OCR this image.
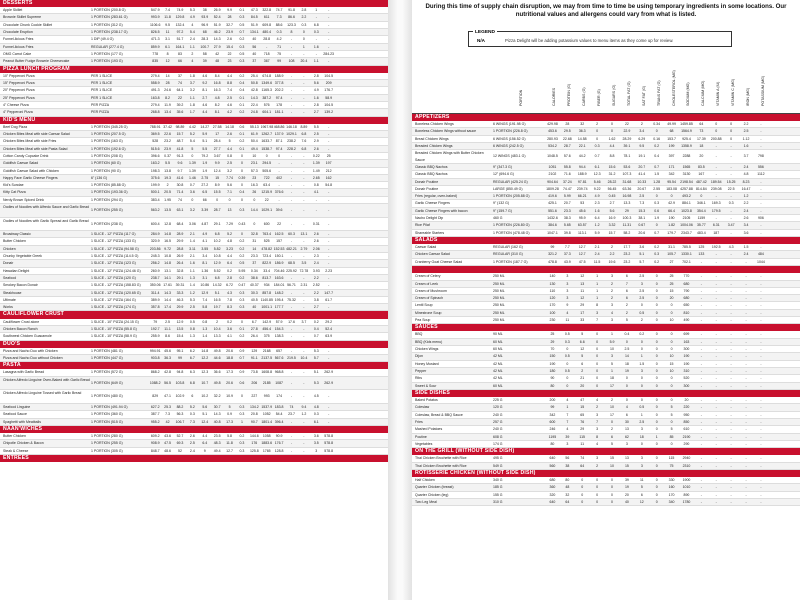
DESSERTS
Apple Skillet	1 PORTION (200.8 G)	547.9	7.4	74.9	5.3	38	26.9	9.9	0.1	47.3	322.8	74.7	91.8	2.8	1	-
Brownie Skillet Supreme	1 PORTION (283.61 G)	993.9	11.8	129.8	4.9	93.9	52.4	28	0.3	84.5	611	7.3	86.6	2.2	-	-
Chocolate Chunk Cookie Skillet	1 PORTION (312 G)	1106.6	9.5	132.4	4	96.9	51.9	32.7	0.5	51.9	609.8	88.6	123.3	0.3	6.8	-
Chocolate Eruption	1 PORTION (238.17 G)	826.5	11	97.2	5.4	68	46.2	23.9	0.7	134.1	480.4	0.3	8	0	0.3	-
Funnel-licious Fries	1 DIP (49.4 G)	471.3	3.1	51.7	2.4	28.3	14.3	2.6	0.2	40	28.8	4.2	-	0	-	-
Funnel-licious Fries	REGULAR (277.4 G)	859.9	6.1	164.1	1.1	100.7	27.9	15.4	0.3	56	-	71	-	1	1.6	-
OMG Carrot Cake	1 PORTION (177 G)	778	8	83	2	58	42	22	0.5	40	718	75	-	-	-	284.23
Peanut Butter Fudge Brownie Cheesecake	1 PORTION (193 G)	835	12	66	4	39	48	23	0.3	37	367	99	108	20.4	1.1	-
PIZZA LUNCH PROGRAM
10" Pepperoni Pizza	PER 1 SLICE	279.4	14	37	1.8	4.6	8.4	4.4	0.2	25.4	674.8	188.9	-	-	2.8	104.5
15" Pepperoni Pizza	PER 1 SLICE	558.9	28	74	3.7	9.2	16.8	8.8	0.4	50.8	1349.6 377.8	-	-	5.6	209
20" Pepperoni Pizza	PER 1 SLICE	491.3	24.6	64.1	3.2	8.1	16.3	7.4	0.4	42.8	1165.3 202.2	-	-	4.9	176.7
25" Pepperoni Pizza	PER 1 SLICE	163.8	8.2	22	1.1	2.7	4.8	2.5	0.1	14.3	387.2	97.4	-	-	1.6	58.9
4" Cheese Pizza	PER PIZZA	279.4	11.9	39.2	1.8	4.6	8.2	4.6	0.1	22.4	576	178	-	-	2.8	104.5
4" Pepperoni Pizza	PER PIZZA	268.8	13.4	35.6	1.7	4.4	8.1	4.2	0.2	24.8	604.1	181.1	-	-	2.7	139.2
KID'S MENU
Beef Dog Pizza	1 PORTION (345.25 G)	788.91 37.42	98.89	4.42	14.27	27.58	14.18	0.6	55.13 1967.98 468.86 146.18	8.89	5.5	-
Chicken Bites Meal with side Caesar Salad	1 PORTION (207.5 G)	369.5	22.6	15.7	5.2	5.9	17	2.6	0.1	61.9	1262.7 137.9 1029.1	6.8	2.5	-
Chicken Bites Meal with side Fries	1 PORTION (163 G)	528	23.2	48.7	5.4	5.1	28.4	5	0.2	50.4	1633.7	87.1	238.2	7.6	2.9	-
Chicken Bites Meal with side Pasta Salad	1 PORTION (192.6 G)	515.6	23.9	41.8	5	5.5	27.7	4.4	0.1	49.4	1538.7	97.4	228.2	6.8	2.6	-
Cotton Candy Cupcake Drink	1 PORTION (208 G)	396.6	0.37	91.3	0	79.2	3.67	0.8	0	10	0	0	-	-	0.22	25
Goldfish Caesar Salad	1 PORTION (60 G)	163.2	5.5	9.6	1.39	1.9	9.9	2.5	0	23.1	294.5	-	-	-	1.39	197
Goldfish Caesar Salad with Chicken	1 PORTION (90 G)	198.3	13.8	9.7	1.39	1.9	12.4	3.2	0	57.3	505.6	-	-	-	1.49	212
Happy Face Garlic Cheese Fingers	6" (136 G)	375.6	19.3	41.6	1.46	2.75	15	7.74	0.39	23	722	402	-	-	2.65	162
Kid's Sundae	1 PORTION (85.88 G)	199.9	2	30.8	0.7	27.2	8.9	5.6	0	16.3	63.4	-	-	-	0.8	54.8
Kitty Cat Pizza	1 PORTION (193.36 G)	500.1	20.5	71.4	3.6	6.5	15.5	7.1	0.4	26	1215.9 376.6	-	-	4.1	-
Nerdy Brown Spiced Drink	1 PORTION (294 G)	383.4	1.95	74	0	66	0	0	0	0	22	-	-	-	-	-
Oodles of Noodles with Alfredo Sauce and Garlic Bread
1 PORTION (255 G)	563.2	13.5	63.1	3.2	3.39	28.7	13	0.3	14.4	1029.1	39.6	-	-	-	-
Oodles of Noodles with Garlic Spread and Garlic Bread
1 PORTION (238 G)	600.4	12.8	68.4	3.06	4.87	29.1	7.29	0.43	0	600	22	-	-	0.31	-
Broadway Classic	1 SLICE - 12" PIZZA (117 G)	284.9	14.8	28.9	2.1	4.9	6.8	5.2	0	32.8	763.4	162.5	60.3	13.1	2.6	-
Butter Chicken	1 SLICE - 12" PIZZA (133 G)	320.9	16.5	29.9	1.4	4.1	10.2	4.8	0.2	31	525	157	-	-	2.6	-
Chicken	1 SLICE - 12" PIZZA (94.58 G)	203.86	9.72	28.8	3.11	3.55	5.82	3.23	0.2	14	478.82 152.53 482.21	2.79	2.06	-
Chunky Vegetable Greek	1 SLICE - 12" PIZZA (114.5 G)	245.3	10.8	26.9	2.1	3.4	10.8	4.4	0.2	23.3	723.4	150.1	-	-	2.3	-
Donair	1 SLICE - 12" PIZZA (123 G)	256.2	14.8	26.4	1.6	8.1	12.9	6.4	0.5	37	822.9	186.9	68.5	3.5	2.4	-
Hawaiian Delight	1 SLICE - 12" PIZZA (124.46 G)	260.9	13.1	32.8	1.1	1.36	5.52	0.2	5.95	0.34	33.4	704.46 225.92 72.78	3.93	2.23
Seafood	1 SLICE - 12" PIZZA (120 G)	238.7	14.1	29.1	1.3	3.1	6.8	2.8	0.2	38.6	813.7	163.6	-	-	2.2	-
Smokey Bacon Donair	1 SLICE - 12" PIZZA (158.83 G)	350.06 17.61	39.31	1.4	10.86	14.32	6.72	0.47	40.37	934	184.01 56.71	2.31	2.52	-
Steakhouse	1 SLICE - 12" PIZZA (120.65 G)	311.4	14.3	33.3	1.2	12.9	5.1	4.3	0.3	30.3	857.8	148.2	-	-	2.2	147.7
Ultimate	1 SLICE - 12" PIZZA (164 G)	389.9	14.4	46.3	5.3	7.4	16.5	7.8	0.3	40.5 1140.85 195.4	75.32	-	3.8	61.7
Works	1 SLICE - 12" PIZZA (174 G)	357.8	17.4	29.9	2.5	5.8	19.7	8.3	0.3	40	1001.1 177.7	-	-	2.7	-
CAULIFLOWER CRUST
Cauliflower Crust alone	1 SLICE - 10" PIZZA (24.15 G)	79	2.5	12.9	0.5	0.8	2	0.2	0	6.7	142.9	57.9	17.6	3.7	0.2	29.2
Chicken Bacon Ranch	1 SLICE - 10" PIZZA (55.8 G)	192.7	11.1	13.5	0.8	1.3	10.4	3.6	0.1	27.8	456.4	154.3	-	-	0.4	52.4
Southwest Chicken Guacamole	1 SLICE - 10" PIZZA (58.9 G)	255.9	8.6	15.4	1.3	1.4	13.3	4.1	0.2	26.4	375	138.3	-	-	0.7	63.9
DUO'S
Pizza and Nacho Duo with Chicken	1 PORTION (481 G)	994.91	45.6	95.1	6.2	14.8	49.8	20.6	0.9	129	2168	657	-	-	5.3	-
Pizza and Nacho Duo without Chicken	1 PORTION (447 G)	903.8	36.3	99	6.7	12.2	44.6	18.8	0.7	91.1	2137.5 567.6	219.5	10.4	5.7	-
PASTA
Lasagna with Garlic Bread	1 PORTION (572 G)	868.2	42.8	94.8	6.3	12.3	36.6	17.3	0.9	73.8	1608.8 968.8	-	-	5.1	262.9
Chicken Alfredo Linguine Oven-Baked with Garlic Bread
1 PORTION (649 G)	1088.2	56.5	103.8	6.8	10.7	49.8	20.6	0.6	206	2185	1087	-	-	5.3	262.9
Chicken Alfredo Linguine Tossed with Garlic Bread
1 PORTION (480 G)	829	47.1	102.9	6	10.2	32.2	10.9	0	227	993	174	-	-	4.5	-
Seafood Linguine	1 PORTION (491.94 G)	627.2	25.3	88.2	5.2	5.6	30.7	5	0.3	134.2 1537.9 183.8	74	9.4	4.8	-
Seafood Sauce	1 PORTION (360 G)	387.7	7.3	56.3	0.3	5.1	14.3	0.9	0.3	20.8	1052	54.4	23.7	1.2	0.3	-
Spaghetti with Meatballs	1 PORTION (515 G)	955.2	42	106.7	7.3	12.4	40.8	17.3	1	90.7	1801.4 396.4	-	-	6.1	-
NAAN'WICHES
Butter Chicken	1 PORTION (280 G)	609.2	43.6	52.7	2.6	4.4	23.5	5.8	0.2	144.6	1058	90.9	-	-	3.6	578.8
Chipotle Chicken & Bacon	1 PORTION (255 G)	908.9	47.5	69.3	2.5	6.4	48.3	11.8	0.3	176	1883.6 176.7	-	-	3.5	578.8
Steak & Cheese	1 PORTION (305 G)	848.7	48.6	52	2.4	9	49.4	12.7	0.3	125.8	1765	128.8	-	-	3	578.8
ENTREES
During this time of supply chain disruption, we may from time to time be using temporary ingredients in some locations. Our nutritional values and allergens could vary from what is listed.
LEGEND
N/A	Pizza Delight will be adding potassium values to menu items as they come up for review.
PORTION	CALORIES	PROTEIN (G)	CARBS (G)	FIBER (G)	SUGARS (G)	TOTAL FAT (G)	SAT FAT (G)	TRANS FAT (G)	CHOLESTEROL (MG)	SODIUM (MG)	CALCIUM (MG)	VITAMIN A (IU)	VITAMIN C (MG)	IRON (MG)	POTASSIUM (MG)
APPETIZERS
Boneless Chicken Wings	6 WINGS (191.98 G)	429.98	28	32	2	0	22	2	0.34	49.99	1459.85	64	0	0	2.2	-
Boneless Chicken Wings without sauce	1 PORTION (226.8 G)	453.6	29.5	36.3	0	0	22.9	3.4	0	68	1564.9	73	0	0	2.5	-
Bread Chicken Wings	6 WINGS (156.52 G)	280.93	22.68	14.58	0	1.62	28.29	6.29	0.16	153.7	925.4	17.39	200.88	0	1.12	-
Breaded Chicken Wings	6 WINGS (242.5 G)	534.2	28.7	22.1	0.3	4.4	39.1	9.5	0.2	199	1358.9	18	-	-	1.6	-
Breaded Chicken Wings with Butter Chicken Sauce
12 WINGS (483.1 G)	1048.5	57.6	44.2	0.7	8.8	78.1	19.1	0.4	397	2288	20	-	-	3.7	798
Classic BBQ Nachos	9" (347.3 G)	1051	55.8	94.4	6.1	15.6	53.6	20.7	0.7	171	1565	83.5	-	-	2.4	556
Classic BBQ Nachos	12" (694.6 G)	2102	71.6	188.9	12.3	31.2	107.3	41.4	1.5	342	3130	167	-	-	4.8	1112
Donair Poutine	REGULAR (425.24 G)	904.64	37.24	97.81	5.46	28.22	31.68	10.33	1.28	95.54	2198.54 487.42	189.54	15.25	8.23	-
Donair Poutine	LARGE (850.49 G)	1809.28	74.47	239.74	9.22	56.45	63.36	20.67	2.55	183.08 4257.88 814.84	239.08	22.5	16.47	-
Fries (regular, oven-baked)	1 PORTION (205.88 G)	419.6	5.99	66.21	4.9	0.45	16.98	2.5	0	0	493.2	0	-	-	1.2	-
Garlic Cheese Fingers	9" (132 G)	425.1	20.7	53	2.3	2.7	13.3	7.3	0.3	42.9	884.1	346.1	169.3	0.3	2.2	-
Garlic Cheese Fingers with bacon	9" (159.7 G)	551.6	23.3	45.6	1.6	5.6	29	15.3	0.6	66.4	1023.8	354.4	179.5	-	2.4	-
Nacho Delight Dip	460 G	1432.6	38.3	95.9	6.4	16.9	100.3	38.1	1.9	190	2105	1159	-	-	2.6	906
Rice Pilaf	1 PORTION (226.80 G)	384.6	5.65	63.57	1.2	3.32	11.31	0.67	0	1.82	1004.06	35.77	6.31	3.47	3.4	-
Shareable Starters	1 PORTION (478.48 G)	1047.1	39.8	113.1	5.9	15.7	58.2	20.6	0.7	179.7	2343.7	483.4	187	-	3.6	-
SALADS
Caesar Salad	REGULAR (162 G)	99	7.7	12.7	2.1	2	17.7	3.6	0.2	31.1	785.5	125	192.5	4.3	1.5	-
Chicken Caesar Salad	REGULAR (310 G)	321.2	37.3	12.7	2.4	2.2	23.2	5.1	0.3	105.7	1330.1	133	-	-	2.4	484
Cranberry Goat Cheese Salad	1 PORTION (187.7 G)	478.8	43.9	47.5	11.5	19.6	23.2	5.7	0.2	27	702.1	-	-	-	-	1044
Cream of Celery	250 ML	140	3	12	1	3	6	2.5	0	25	770	-	-	-	-	-
Cream of Leek	250 ML	130	3	13	1	2	7	3	0	25	680	-	-	-	-	-
Cream of Mushroom	250 ML	110	3	11	1	2	6	2.5	0	15	790	-	-	-	-	-
Cream of Spinach	250 ML	120	3	12	1	2	6	2.5	0	20	680	-	-	-	-	-
Lentil Soup	250 ML	170	9	29	8	3	2	0	0	0	650	-	-	-	-	-
Minestrone Soup	250 ML	100	4	17	3	4	2	0.5	0	0	810	-	-	-	-	-
Pea Soup	250 ML	230	11	33	7	3	5	2	0	10	490	-	-	-	-	-
SAUCES
BBQ	90 ML	25	0.5	5	0	1	0.4	0.2	0	0	699	-	-	-	-	-
BBQ (Kids menu)	60 ML	29	0.3	6.6	0	5.9	0	0	0	0	163	-	-	-	-	-
Chicken Wings	60 ML	70	0	12	0	10	2.5	0	0	0	300	-	-	-	-	-
Dijon	42 ML	150	0.5	5	0	3	14	1	0	10	190	-	-	-	-	-
Honey Mustard	42 ML	190	0	6	0	5	18	1.5	0	15	190	-	-	-	-	-
Pepper	42 ML	180	0.5	2	0	1	19	3	0	10	310	-	-	-	-	-
Ribs	42 ML	90	0	21	0	18	0	0	0	0	520	-	-	-	-	-
Sweet & Sour	60 ML	80	0	20	0	17	0	0	0	0	300	-	-	-	-	-
SIDE DISHES
Baked Potatos	225 G	200	4	47	4	2	0	0	0	0	20	-	-	-	-	-
Coleslaw	120 G	99	1	15	2	10	4	0.5	0	5	220	-	-	-	-	-
Coleslaw, Bread & BBQ Sauce	240 G	342	7	65	3	17	6	1	0	5	950	-	-	-	-	-
Fries	257 G	600	7	76	7	0	30	2.5	0	0	850	-	-	-	-	-
Mashed Potatoes	240 G	246	4	29	3	2	13	3	0	5	610	-	-	-	-	-
Poutine	608 G	1195	39	115	8	6	62	18	1	85	2190	-	-	-	-	-
Vegetables	174 G	80	3	11	4	5	3	0	0	0	290	-	-	-	-	-
ON THE GRILL (WITHOUT SIDE DISH)
Thai Chicken Brochette with Rice	495 G	640	56	74	3	15	13	3	0	115	2940	-	-	-	-	-
Thai Chicken Brochette with Rice	549 G	560	38	64	2	10	15	3	0	75	2310	-	-	-	-	-
ROTISSERIE CHICKEN (WITHOUT SIDE DISH)
Half Chicken	340 G	680	80	0	0	0	39	11	0	330	1900	-	-	-	-	-
Quarter Chicken (breast)	185 G	360	48	0	0	0	19	5	0	160	1010	-	-	-	-	-
Quarter Chicken (leg)	155 G	320	32	0	0	0	20	6	0	170	890	-	-	-	-	-
Two Leg Meal	310 G	640	64	0	0	0	40	12	0	340	1780	-	-	-	-	-
